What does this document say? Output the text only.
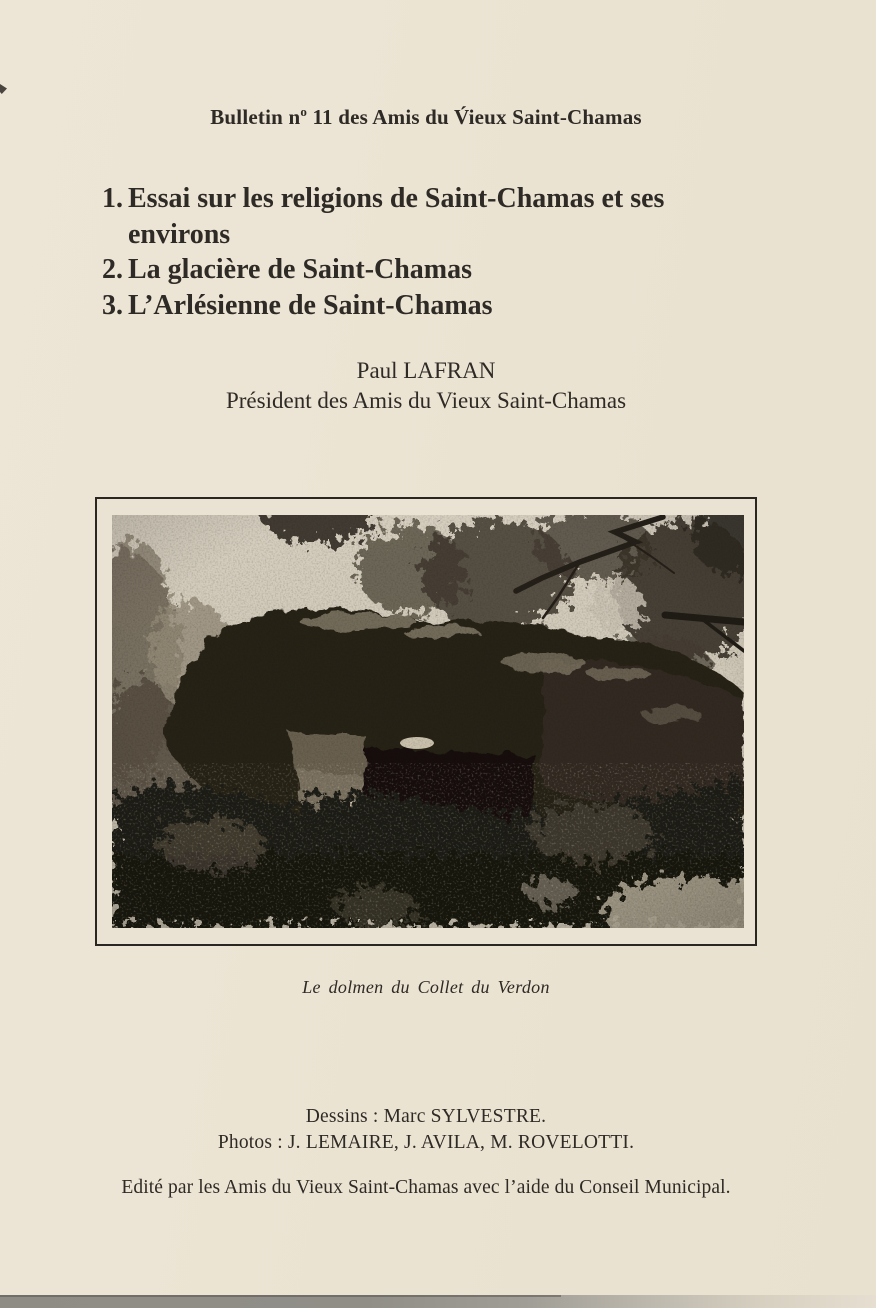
Bulletin $n^o$ 11 des Amis du V́ieux Saint-Chamas
1. Essai sur les religions de Saint-Chamas et ses
environs
2. La glacière de Saint-Chamas
3. L’Arlésienne de Saint-Chamas
Paul LAFRAN
Président des Amis du Vieux Saint-Chamas
Le dolmen du Collet du Verdon
Dessins : Marc SYLVESTRE.
Photos : J. LEMAIRE, J. AVILA, M. ROVELOTTI.
Edité par les Amis du Vieux Saint-Chamas avec l’aide du Conseil Municipal.
